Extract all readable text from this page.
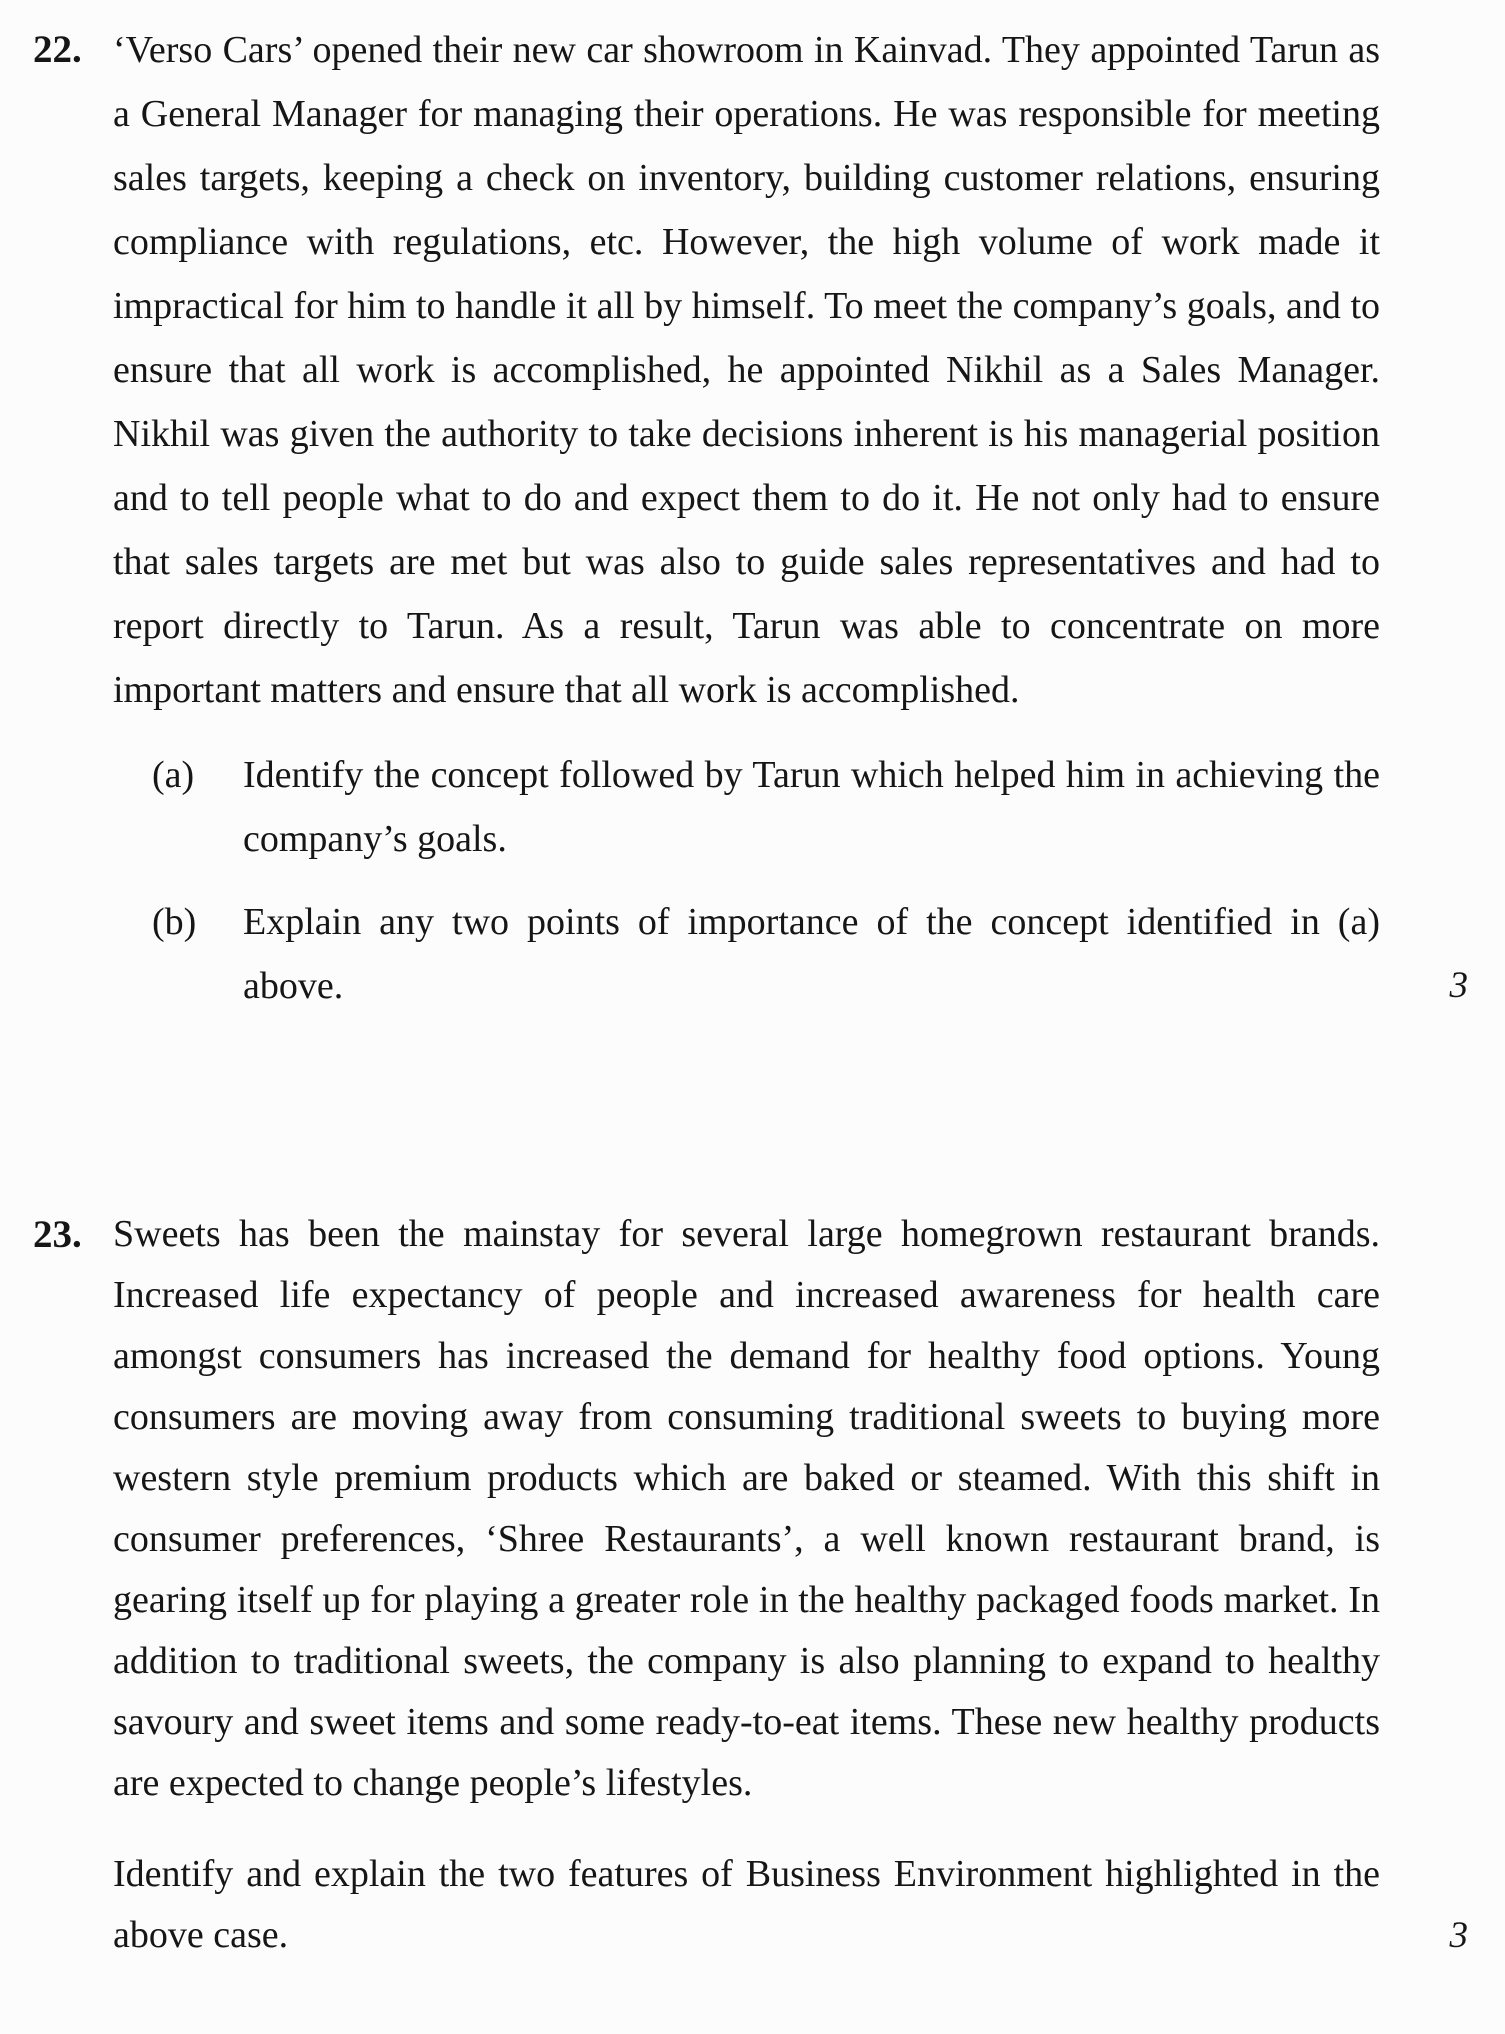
22. ‘Verso Cars’ opened their new car showroom in Kainvad. They appointed Tarun as a General Manager for managing their operations. He was responsible for meeting sales targets, keeping a check on inventory, building customer relations, ensuring compliance with regulations, etc. However, the high volume of work made it impractical for him to handle it all by himself. To meet the company’s goals, and to ensure that all work is accomplished, he appointed Nikhil as a Sales Manager. Nikhil was given the authority to take decisions inherent is his managerial position and to tell people what to do and expect them to do it. He not only had to ensure that sales targets are met but was also to guide sales representatives and had to report directly to Tarun. As a result, Tarun was able to concentrate on more important matters and ensure that all work is accomplished.

(a)	Identify the concept followed by Tarun which helped him in achieving the company’s goals.
(b)	Explain any two points of importance of the concept identified in (a) above.	3
23. Sweets has been the mainstay for several large homegrown restaurant brands. Increased life expectancy of people and increased awareness for health care amongst consumers has increased the demand for healthy food options. Young consumers are moving away from consuming traditional sweets to buying more western style premium products which are baked or steamed. With this shift in consumer preferences, ‘Shree Restaurants’, a well known restaurant brand, is gearing itself up for playing a greater role in the healthy packaged foods market. In addition to traditional sweets, the company is also planning to expand to healthy savoury and sweet items and some ready-to-eat items. These new healthy products are expected to change people’s lifestyles.

Identify and explain the two features of Business Environment highlighted in the above case.	3
